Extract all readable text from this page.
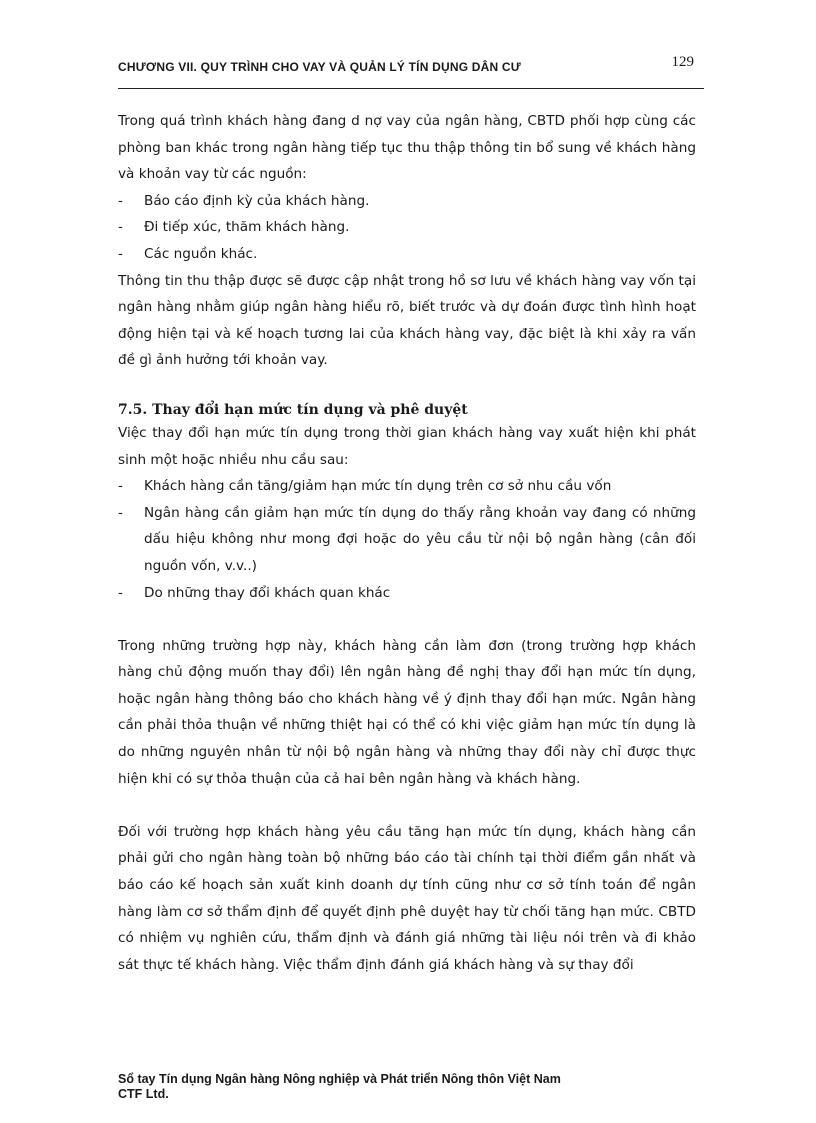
CHƯƠNG VII. QUY TRÌNH CHO VAY VÀ QUẢN LÝ TÍN DỤNG DÂN CƯ	129

Trong quá trình khách hàng đang d nợ vay của ngân hàng, CBTD phối hợp cùng các phòng ban khác trong ngân hàng tiếp tục thu thập thông tin bổ sung về khách hàng và khoản vay từ các nguồn:

-	Báo cáo định kỳ của khách hàng.
-	Đi tiếp xúc, thăm khách hàng.
-	Các nguồn khác.

Thông tin thu thập được sẽ được cập nhật trong hồ sơ lưu về khách hàng vay vốn tại ngân hàng nhằm giúp ngân hàng hiểu rõ, biết trước và dự đoán được tình hình hoạt động hiện tại và kế hoạch tương lai của khách hàng vay, đặc biệt là khi xảy ra vấn đề gì ảnh hưởng tới khoản vay.

7.5. Thay đổi hạn mức tín dụng và phê duyệt

Việc thay đổi hạn mức tín dụng trong thời gian khách hàng vay xuất hiện khi phát sinh một hoặc nhiều nhu cầu sau:

-	Khách hàng cần tăng/giảm hạn mức tín dụng trên cơ sở nhu cầu vốn
-	Ngân hàng cần giảm hạn mức tín dụng do thấy rằng khoản vay đang có những dấu hiệu không như mong đợi hoặc do yêu cầu từ nội bộ ngân hàng (cân đối nguồn vốn, v.v..)
-	Do những thay đổi khách quan khác

Trong những trường hợp này, khách hàng cần làm đơn (trong trường hợp khách hàng chủ động muốn thay đổi) lên ngân hàng đề nghị thay đổi hạn mức tín dụng, hoặc ngân hàng thông báo cho khách hàng về ý định thay đổi hạn mức. Ngân hàng cần phải thỏa thuận về những thiệt hại có thể có khi việc giảm hạn mức tín dụng là do những nguyên nhân từ nội bộ ngân hàng và những thay đổi này chỉ được thực hiện khi có sự thỏa thuận của cả hai bên ngân hàng và khách hàng.

Đối với trường hợp khách hàng yêu cầu tăng hạn mức tín dụng, khách hàng cần phải gửi cho ngân hàng toàn bộ những báo cáo tài chính tại thời điểm gần nhất và báo cáo kế hoạch sản xuất kinh doanh dự tính cũng như cơ sở tính toán để ngân hàng làm cơ sở thẩm định để quyết định phê duyệt hay từ chối tăng hạn mức. CBTD có nhiệm vụ nghiên cứu, thẩm định và đánh giá những tài liệu nói trên và đi khảo sát thực tế khách hàng. Việc thẩm định đánh giá khách hàng và sự thay đổi

Sổ tay Tín dụng Ngân hàng Nông nghiệp và Phát triển Nông thôn Việt Nam
CTF Ltd.
